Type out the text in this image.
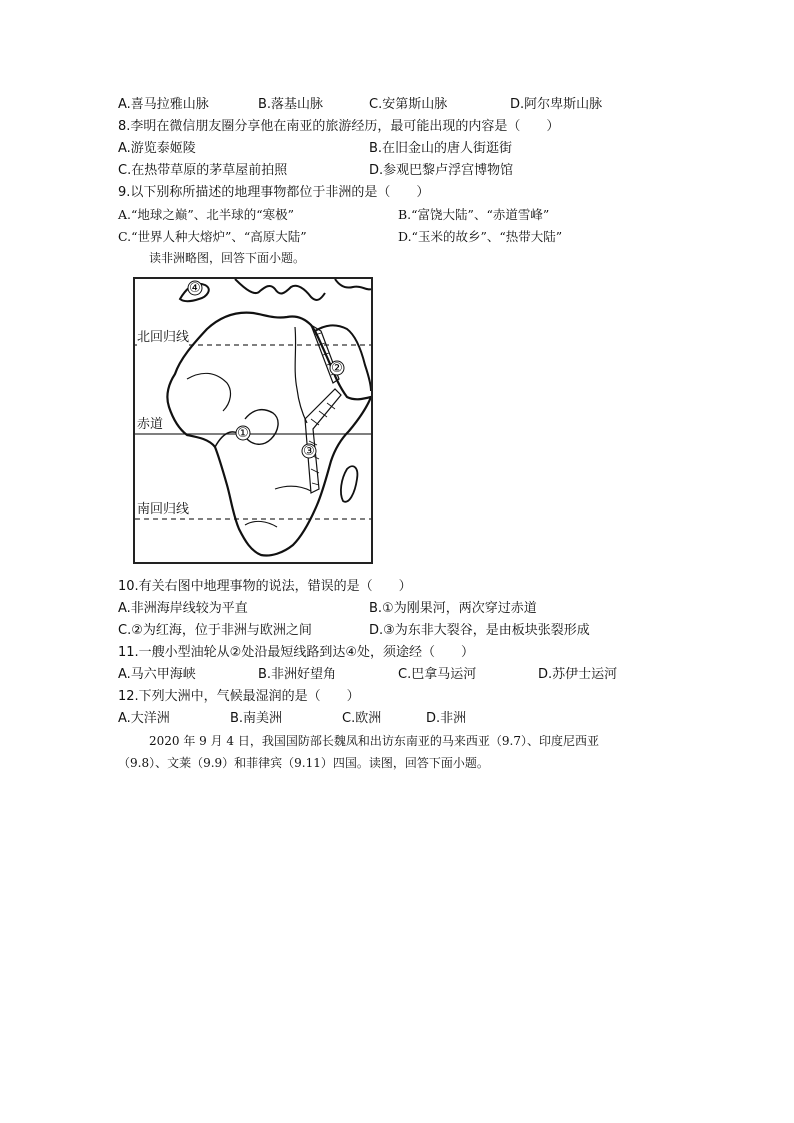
A.喜马拉雅山脉	B.落基山脉	C.安第斯山脉	D.阿尔卑斯山脉
8.李明在微信朋友圈分享他在南亚的旅游经历，最可能出现的内容是（　　）
A.游览泰姬陵	B.在旧金山的唐人街逛街
C.在热带草原的茅草屋前拍照	D.参观巴黎卢浮宫博物馆
9.以下别称所描述的地理事物都位于非洲的是（　　）
A.“地球之巅”、北半球的“寒极”	B.“富饶大陆”、“赤道雪峰”
C.“世界人种大熔炉”、“高原大陆”	D.“玉米的故乡”、“热带大陆”
读非洲略图，回答下面小题。
④
②
①
③
北回归线
赤道
南回归线
10.有关右图中地理事物的说法，错误的是（　　）
A.非洲海岸线较为平直	B.①为刚果河，两次穿过赤道
C.②为红海，位于非洲与欧洲之间	D.③为东非大裂谷，是由板块张裂形成
11.一艘小型油轮从②处沿最短线路到达④处，须途经（　　）
A.马六甲海峡	B.非洲好望角	C.巴拿马运河	D.苏伊士运河
12.下列大洲中，气候最湿润的是（　　）
A.大洋洲	B.南美洲	C.欧洲	D.非洲
2020 年 9 月 4 日，我国国防部长魏凤和出访东南亚的马来西亚（9.7）、印度尼西亚
（9.8）、文莱（9.9）和菲律宾（9.11）四国。读图，回答下面小题。
